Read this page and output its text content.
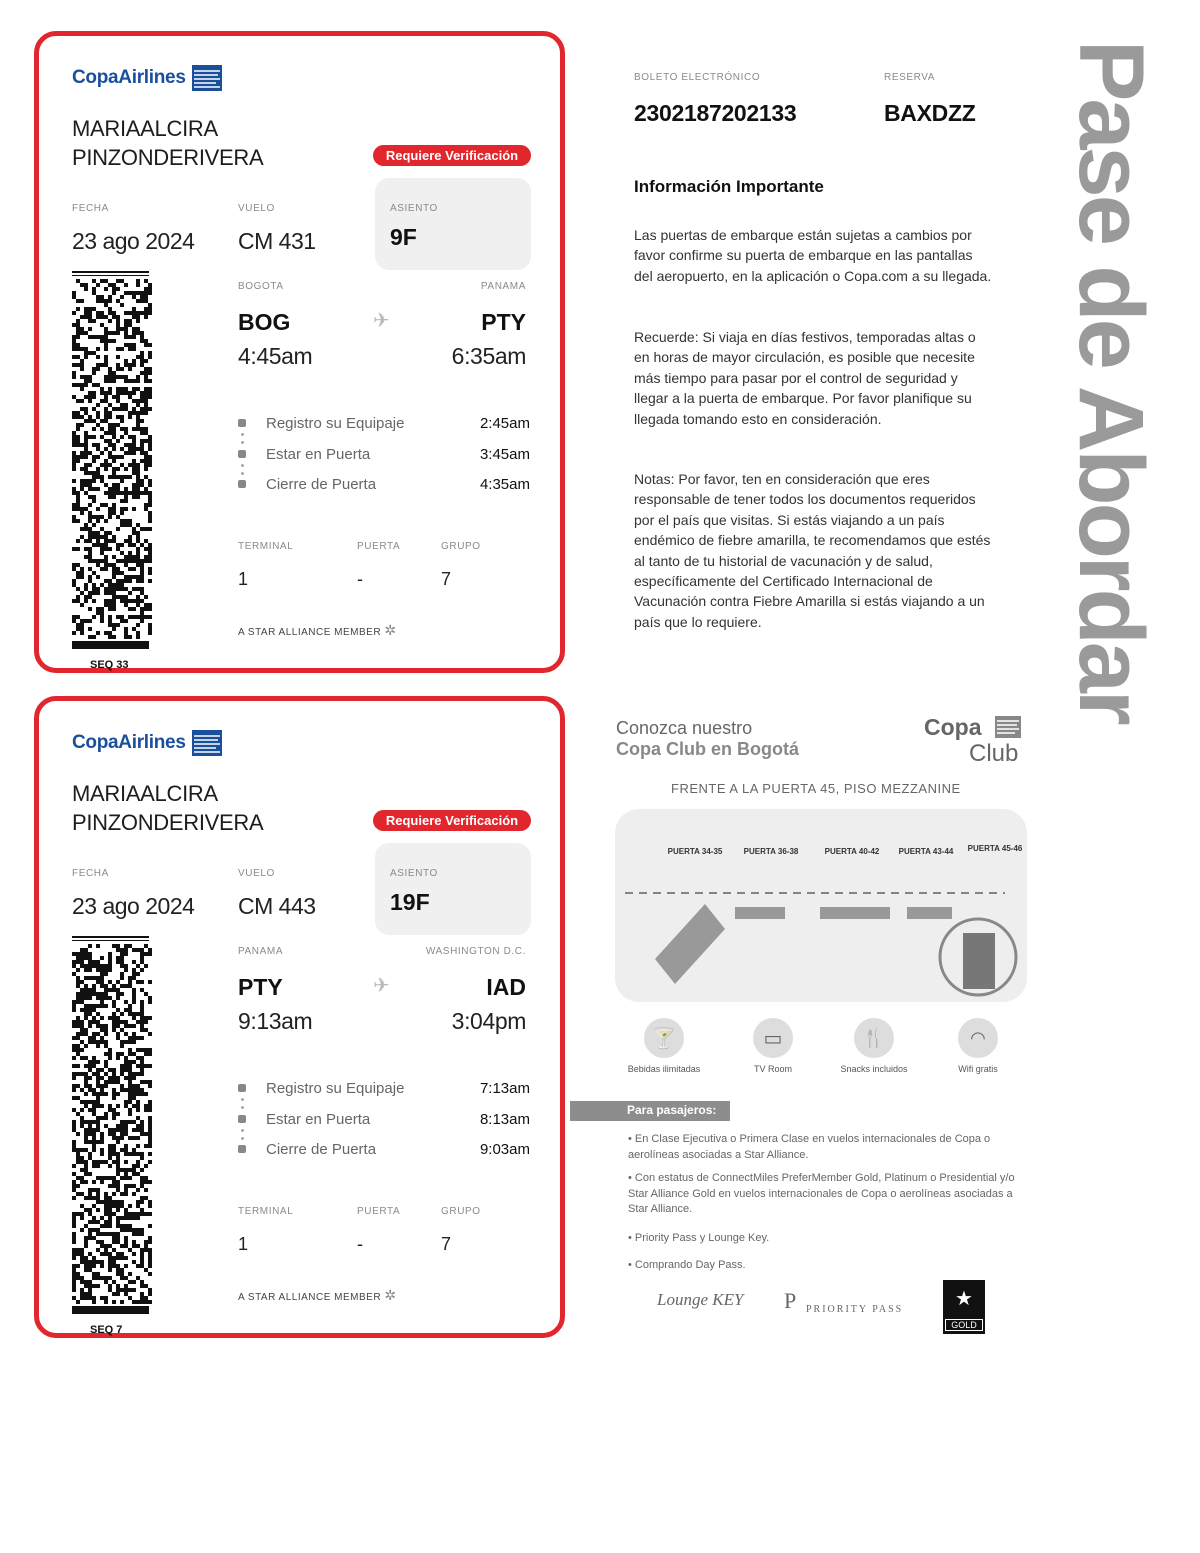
CopaAirlines
MARIAALCIRA
PINZONDERIVERA	Requiere Verificación
FECHA
23 ago 2024
VUELO
CM 431
ASIENTO
9F
BOGOTA	PANAMA
BOG	✈	PTY
4:45am	6:35am
Registro su Equipaje	2:45am
Estar en Puerta	3:45am
Cierre de Puerta	4:35am
TERMINAL
1
PUERTA
-
GRUPO
7
A STAR ALLIANCE MEMBER ✲
SEQ 33
CopaAirlines
MARIAALCIRA
PINZONDERIVERA	Requiere Verificación
FECHA
23 ago 2024
VUELO
CM 443
ASIENTO
19F
PANAMA	WASHINGTON D.C.
PTY	✈	IAD
9:13am	3:04pm
Registro su Equipaje	7:13am
Estar en Puerta	8:13am
Cierre de Puerta	9:03am
TERMINAL
1
PUERTA
-
GRUPO
7
A STAR ALLIANCE MEMBER ✲
SEQ 7
BOLETO ELECTRÓNICO
2302187202133
RESERVA
BAXDZZ
Información Importante
Las puertas de embarque están sujetas a cambios por favor confirme su puerta de embarque en las pantallas del aeropuerto, en la aplicación o Copa.com a su llegada.
Recuerde: Si viaja en días festivos, temporadas altas o en horas de mayor circulación, es posible que necesite más tiempo para pasar por el control de seguridad y llegar a la puerta de embarque. Por favor planifique su llegada tomando esto en consideración.
Notas: Por favor, ten en consideración que eres responsable de tener todos los documentos requeridos por el país que visitas. Si estás viajando a un país endémico de fiebre amarilla, te recomendamos que estés al tanto de tu historial de vacunación y de salud, específicamente del Certificado Internacional de Vacunación contra Fiebre Amarilla si estás viajando a un país que lo requiere.	Pase de Abordar
Conozca nuestro
Copa Club en Bogotá
Copa
Club
FRENTE A LA PUERTA 45, PISO MEZZANINE
PUERTA 34-35	PUERTA 36-38	PUERTA 40-42 PUERTA 43-44 PUERTA 45-46
🍸
Bebidas ilimitadas
▭
TV Room
🍴
Snacks incluidos
◠
Wifi gratis
Para pasajeros:
• En Clase Ejecutiva o Primera Clase en vuelos internacionales de Copa o aerolíneas asociadas a Star Alliance.
• Con estatus de ConnectMiles PreferMember Gold, Platinum o Presidential y/o Star Alliance Gold en vuelos internacionales de Copa o aerolíneas asociadas a Star Alliance.
• Priority Pass y Lounge Key.
• Comprando Day Pass.
Lounge KEY P PRIORITY PASS	★
GOLD
